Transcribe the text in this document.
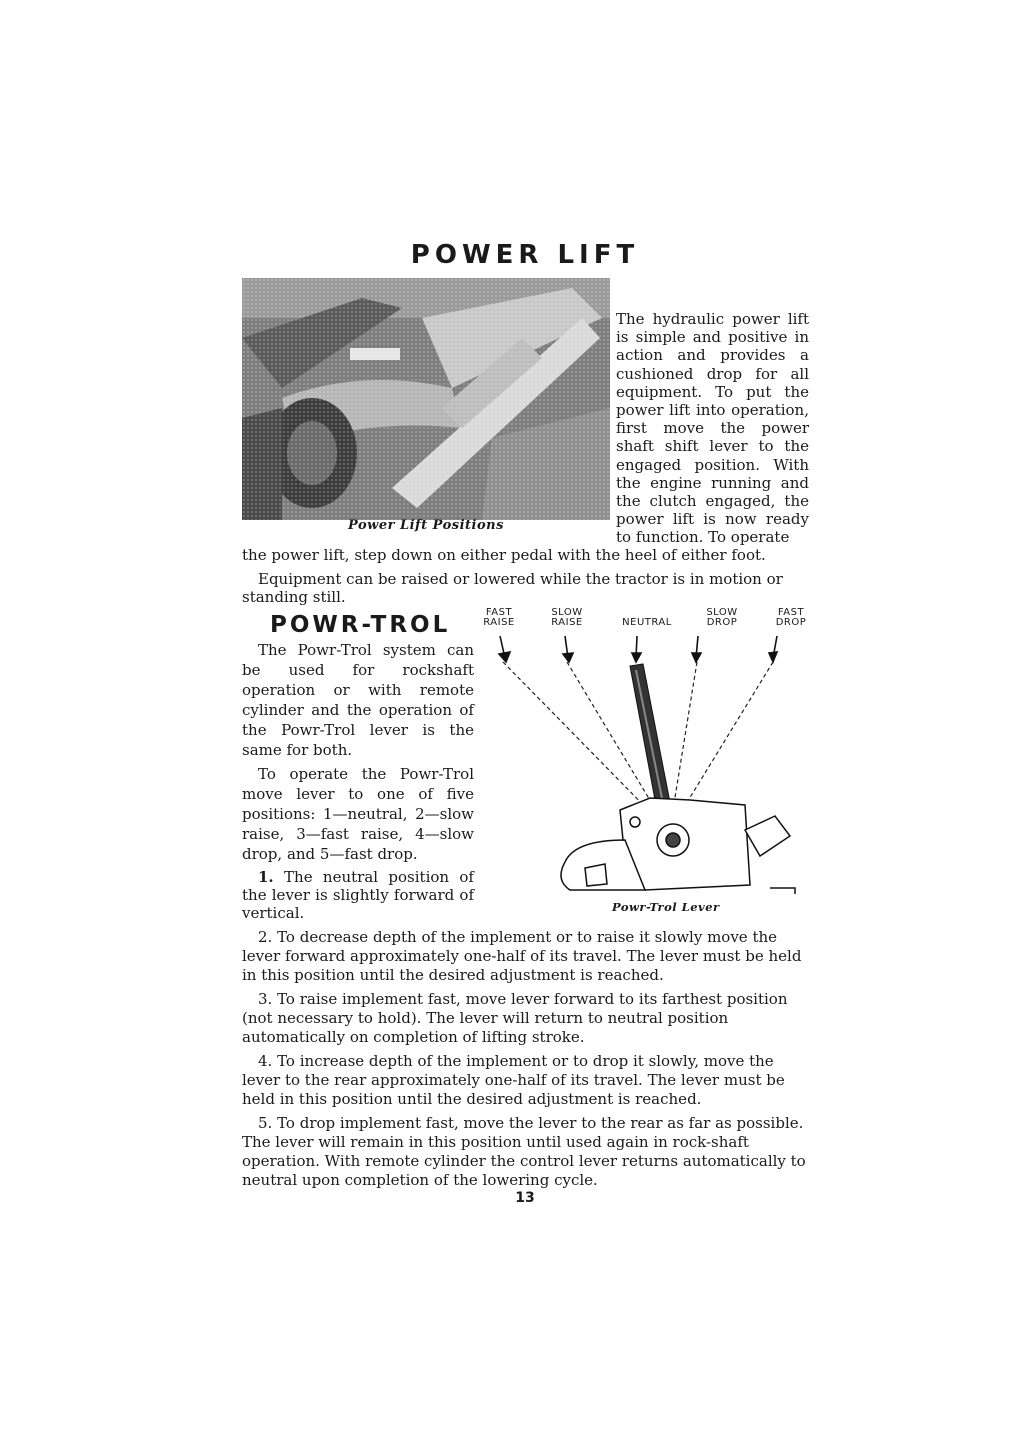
POWER LIFT
Power Lift Positions
The hydraulic power lift is simple and positive in action and provides a cushioned drop for all equipment. To put the power lift into operation, first move the power shaft shift lever to the engaged position. With the engine running and the clutch engaged, the power lift is now ready to function. To operate
the power lift, step down on either pedal with the heel of either foot.
Equipment can be raised or lowered while the tractor is in motion or standing still.
POWR-TROL

The Powr-Trol system can be used for rockshaft operation or with remote cylinder and the operation of the Powr-Trol lever is the same for both.

To operate the Powr-Trol move lever to one of five positions: 1—neutral, 2—slow raise, 3—fast raise, 4—slow drop, and 5—fast drop.

1. The neutral position of the lever is slightly forward of vertical.
FAST
RAISE
SLOW
RAISE	NEUTRAL
SLOW
DROP
FAST
DROP
Powr-Trol Lever

2. To decrease depth of the implement or to raise it slowly move the lever forward approximately one-half of its travel. The lever must be held in this position until the desired adjustment is reached.

3. To raise implement fast, move lever forward to its farthest position (not necessary to hold). The lever will return to neutral position automatically on completion of lifting stroke.

4. To increase depth of the implement or to drop it slowly, move the lever to the rear approximately one-half of its travel. The lever must be held in this position until the desired adjustment is reached.

5. To drop implement fast, move the lever to the rear as far as possible. The lever will remain in this position until used again in rock-shaft operation. With remote cylinder the control lever returns automatically to neutral upon completion of the lowering cycle.

13
